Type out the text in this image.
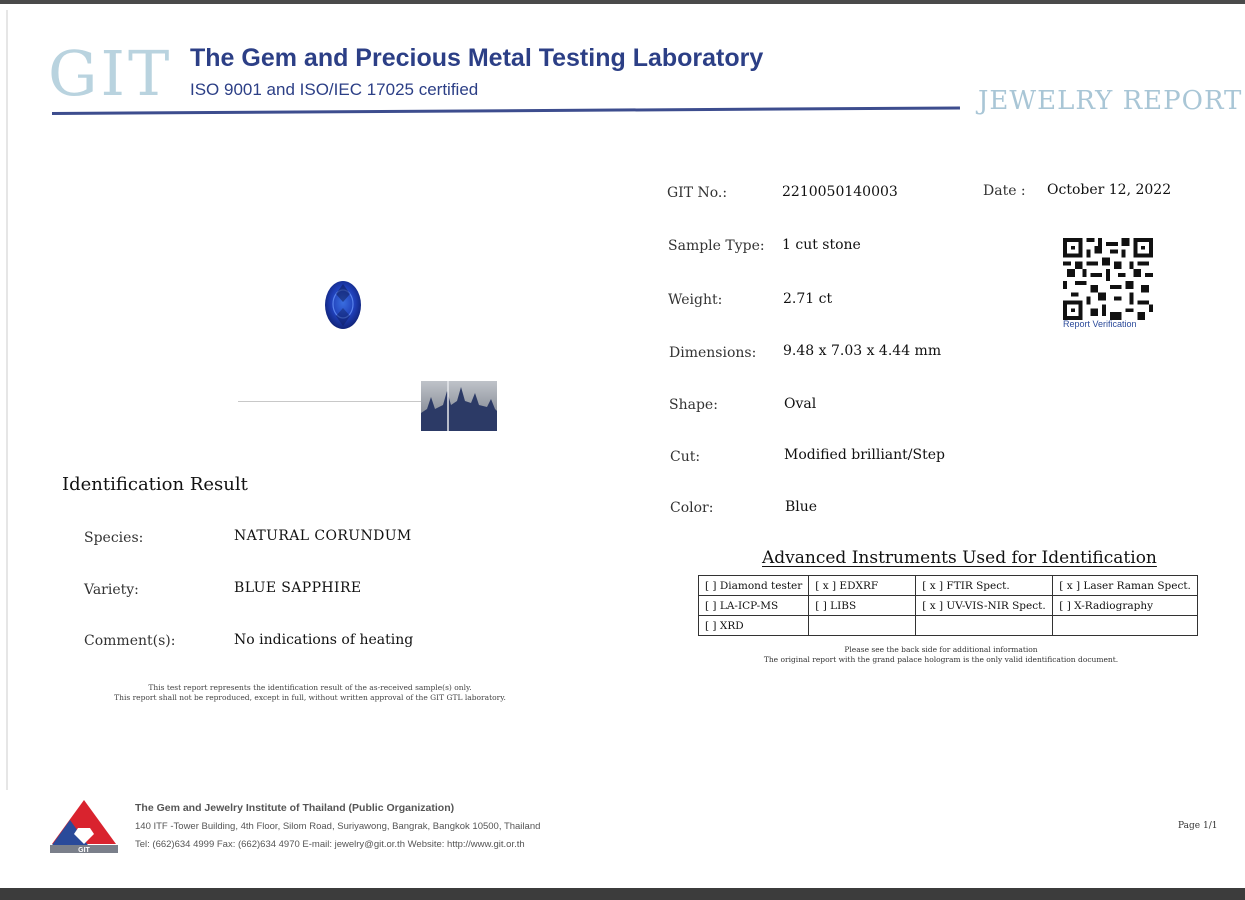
GIT The Gem and Precious Metal Testing Laboratory
ISO 9001 and ISO/IEC 17025 certified	JEWELRY REPORT
GIT No.:	2210050140003	Date : October 12, 2022
Sample Type: 1 cut stone
Weight:	2.71 ct
Dimensions: 9.48 x 7.03 x 4.44 mm
Shape:	Oval
Cut:	Modified brilliant/Step
Color:	Blue
Report Verification
Identification Result
Species:	NATURAL CORUNDUM
Variety:	BLUE SAPPHIRE
Comment(s):	No indications of heating
This test report represents the identification result of the as-received sample(s) only.
This report shall not be reproduced, except in full, without written approval of the GIT GTL laboratory.
Advanced Instruments Used for Identification
[ ] Diamond tester	[ x ] EDXRF	[ x ] FTIR Spect.	[ x ] Laser Raman Spect.
[ ] LA-ICP-MS	[ ] LIBS	[ x ] UV-VIS-NIR Spect.	[ ] X-Radiography
[ ] XRD			
Please see the back side for additional information
The original report with the grand palace hologram is the only valid identification document.
GIT
The Gem and Jewelry Institute of Thailand (Public Organization)
140 ITF -Tower Building, 4th Floor, Silom Road, Suriyawong, Bangrak, Bangkok 10500, Thailand
Tel: (662)634 4999 Fax: (662)634 4970 E-mail: jewelry@git.or.th Website: http://www.git.or.th
Page 1/1
